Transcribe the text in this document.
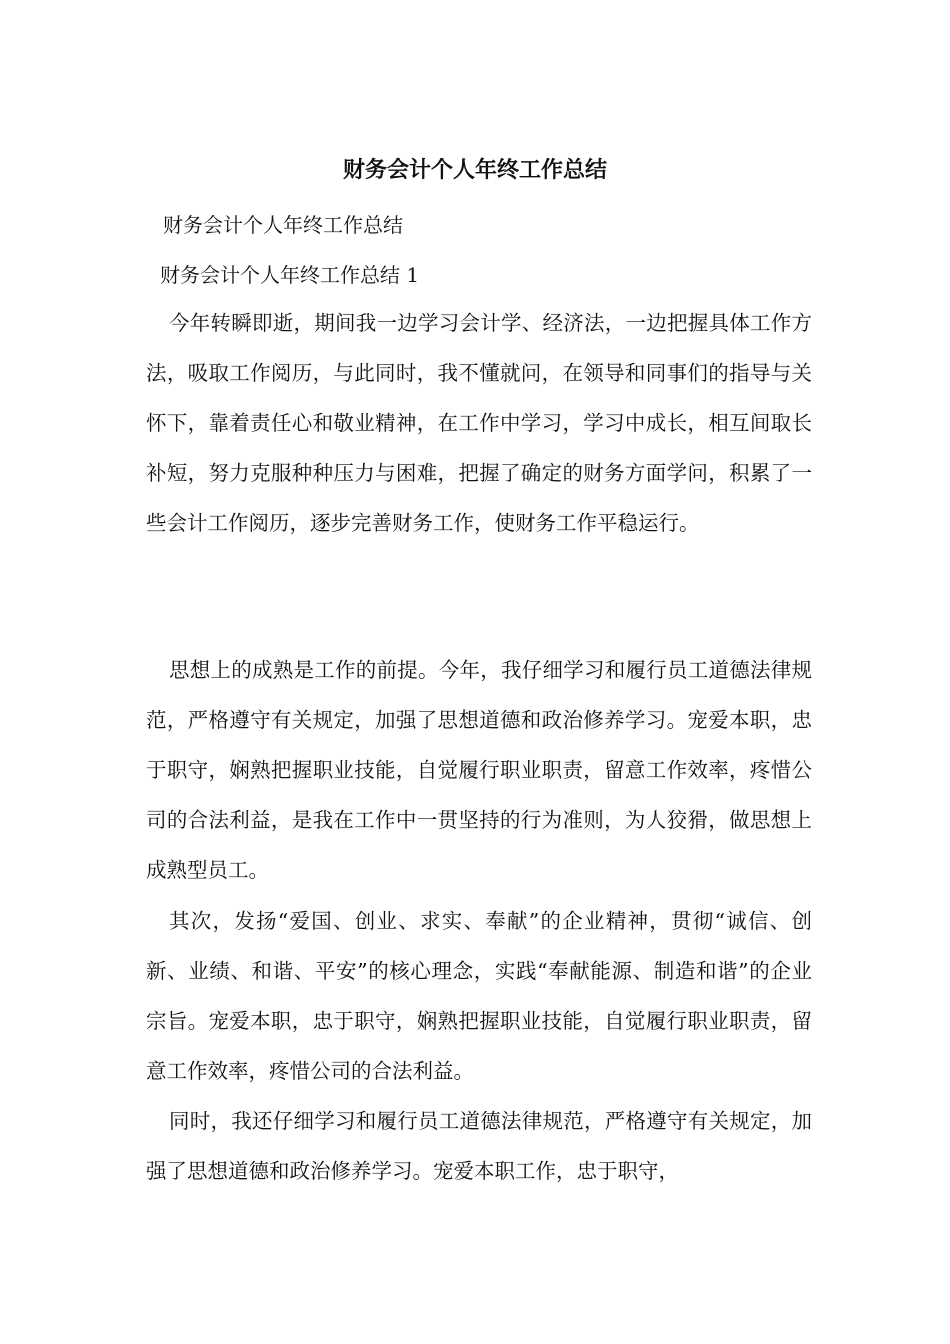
财务会计个人年终工作总结
财务会计个人年终工作总结
财务会计个人年终工作总结 1

今年转瞬即逝，期间我一边学习会计学、经济法，一边把握具体工作方法，吸取工作阅历，与此同时，我不懂就问，在领导和同事们的指导与关怀下，靠着责任心和敬业精神，在工作中学习，学习中成长，相互间取长补短，努力克服种种压力与困难，把握了确定的财务方面学问，积累了一些会计工作阅历，逐步完善财务工作，使财务工作平稳运行。

思想上的成熟是工作的前提。今年，我仔细学习和履行员工道德法律规范，严格遵守有关规定，加强了思想道德和政治修养学习。宠爱本职，忠于职守，娴熟把握职业技能，自觉履行职业职责，留意工作效率，疼惜公司的合法利益，是我在工作中一贯坚持的行为准则，为人狡猾，做思想上成熟型员工。

其次，发扬“爱国、创业、求实、奉献”的企业精神，贯彻“诚信、创新、业绩、和谐、平安”的核心理念，实践“奉献能源、制造和谐”的企业宗旨。宠爱本职，忠于职守，娴熟把握职业技能，自觉履行职业职责，留意工作效率，疼惜公司的合法利益。

同时，我还仔细学习和履行员工道德法律规范，严格遵守有关规定，加强了思想道德和政治修养学习。宠爱本职工作，忠于职守，
